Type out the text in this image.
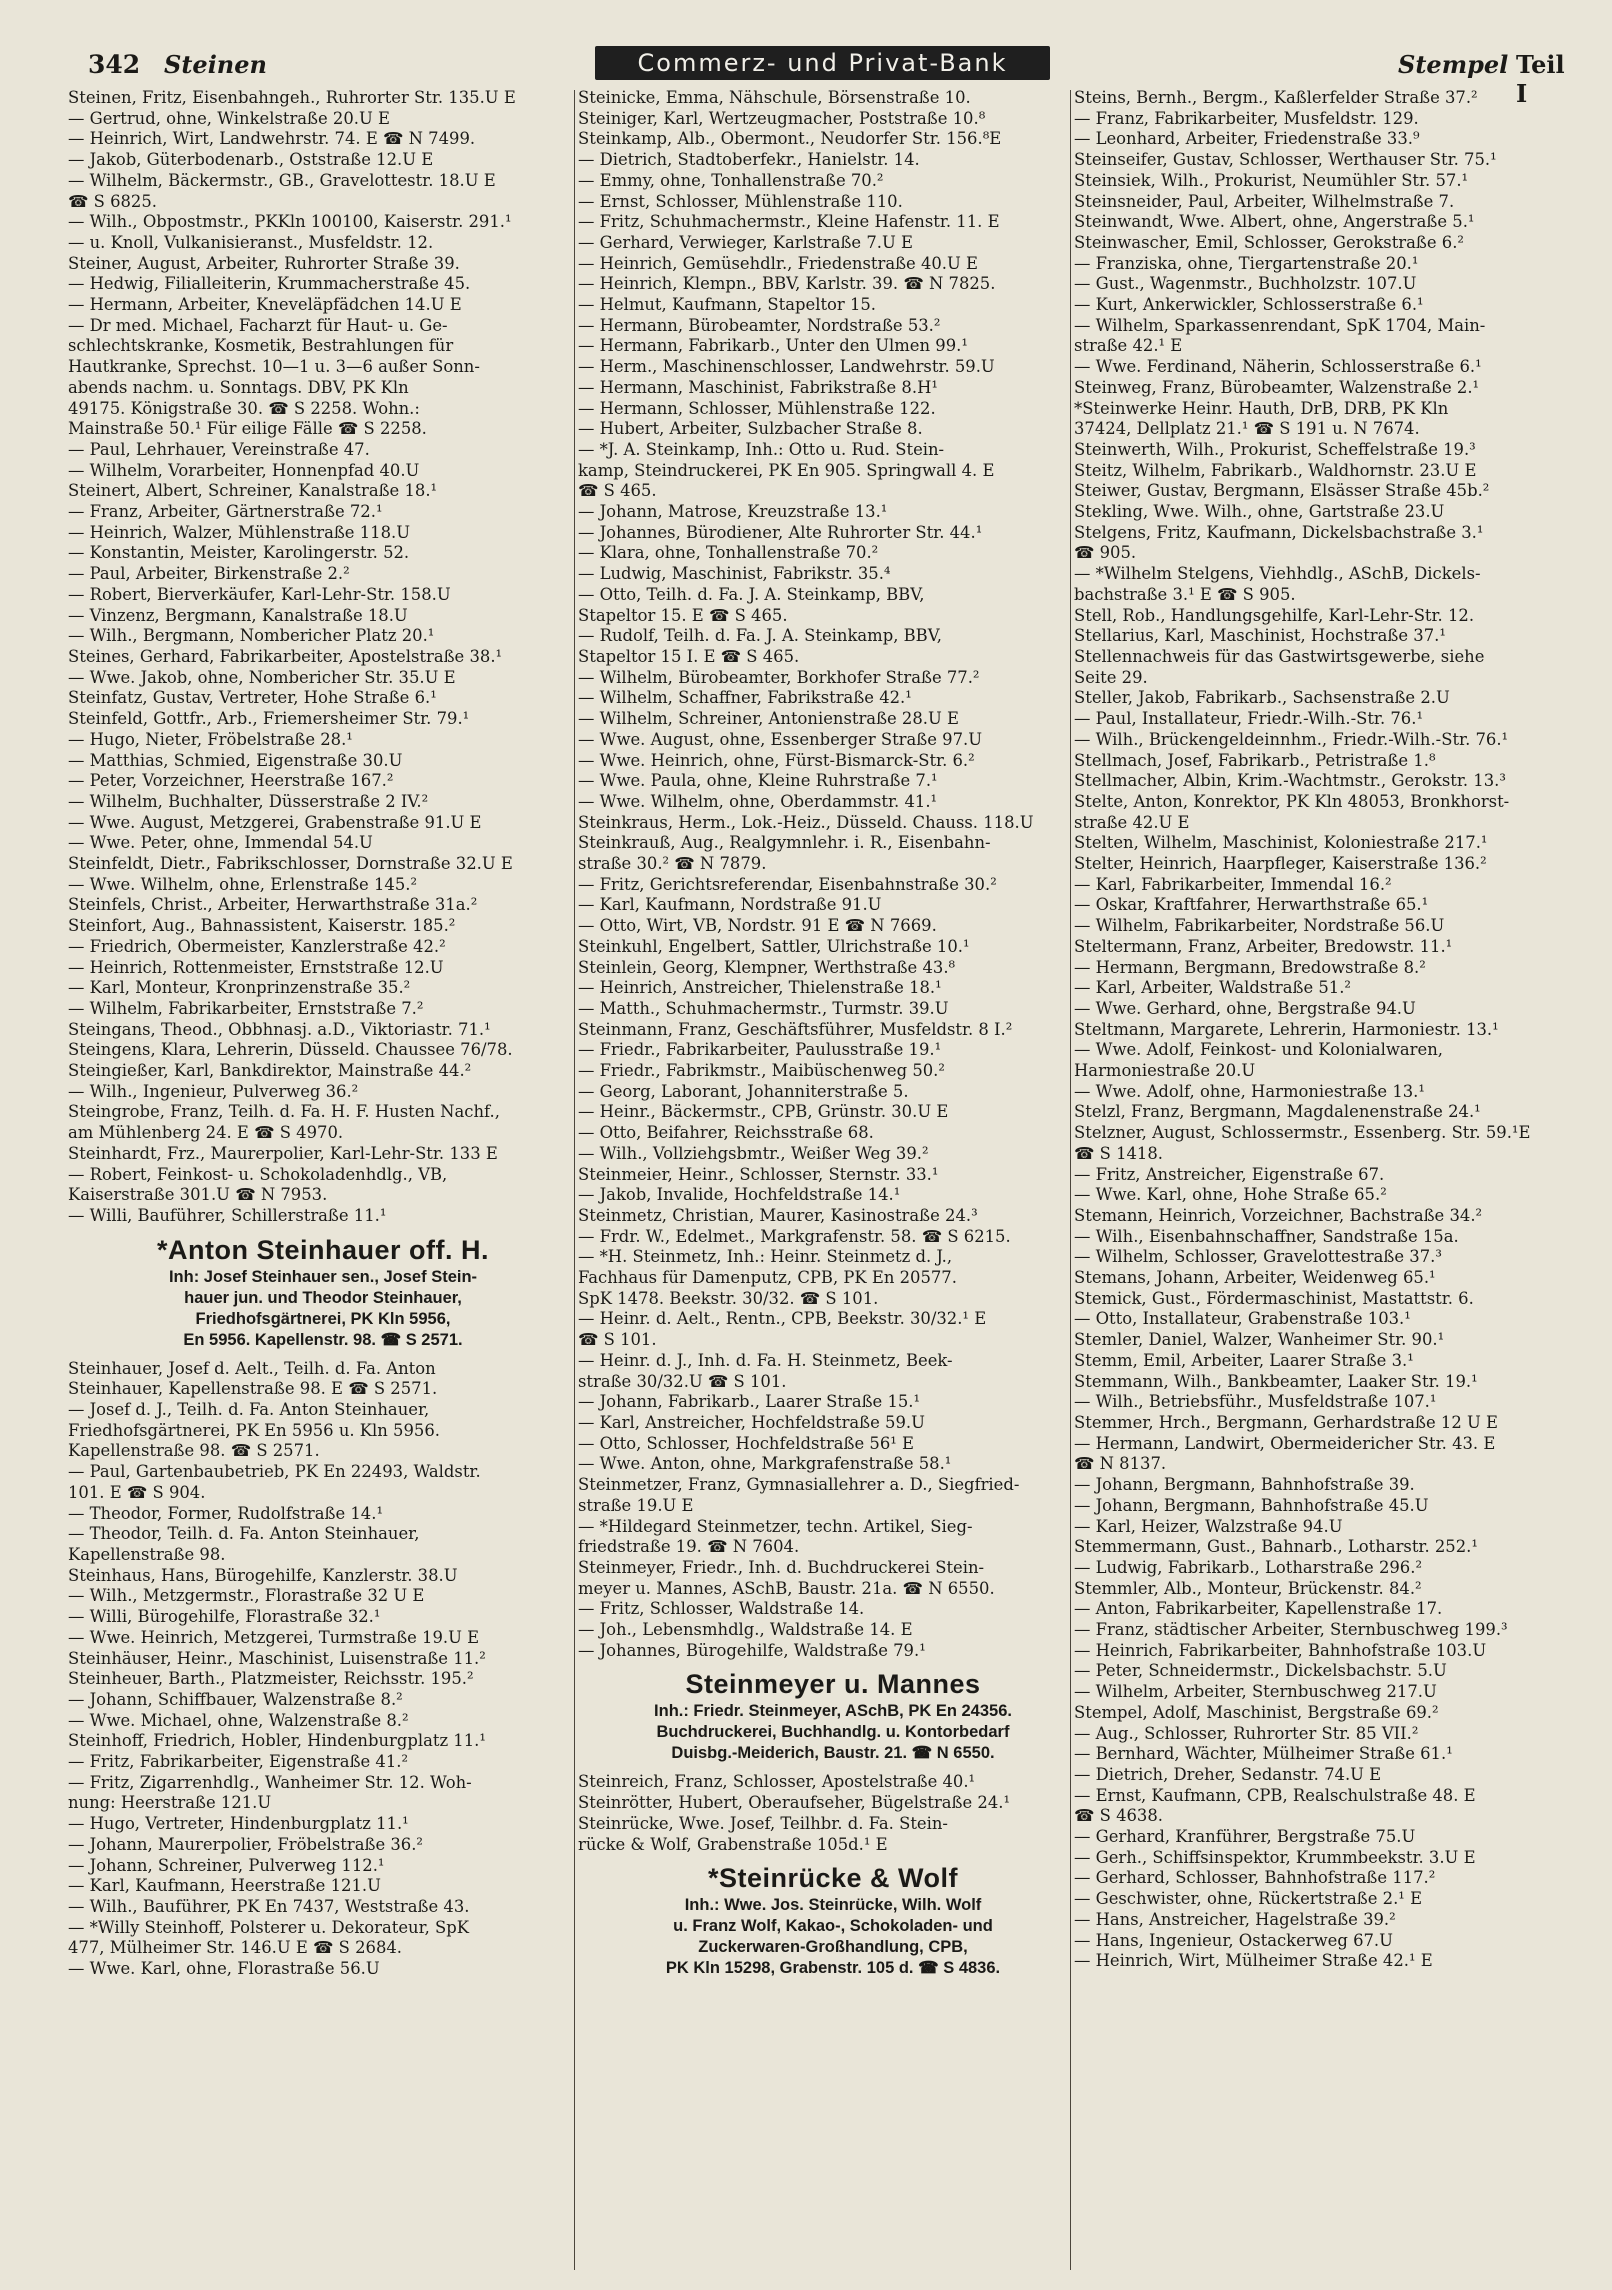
342 Steinen	Commerz- und Privat-Bank	Stempel Teil I
Steinen, Fritz, Eisenbahngeh., Ruhrorter Str. 135.U E
— Gertrud, ohne, Winkelstraße 20.U E
— Heinrich, Wirt, Landwehrstr. 74. E ☎ N 7499.
— Jakob, Güterbodenarb., Oststraße 12.U E
— Wilhelm, Bäckermstr., GB., Gravelottestr. 18.U E
☎ S 6825.
— Wilh., Obpostmstr., PKKln 100100, Kaiserstr. 291.¹
— u. Knoll, Vulkanisieranst., Musfeldstr. 12.
Steiner, August, Arbeiter, Ruhrorter Straße 39.
— Hedwig, Filialleiterin, Krummacherstraße 45.
— Hermann, Arbeiter, Kneveläpfädchen 14.U E
— Dr med. Michael, Facharzt für Haut- u. Ge-
schlechtskranke, Kosmetik, Bestrahlungen für
Hautkranke, Sprechst. 10—1 u. 3—6 außer Sonn-
abends nachm. u. Sonntags. DBV, PK Kln
49175. Königstraße 30. ☎ S 2258. Wohn.:
Mainstraße 50.¹ Für eilige Fälle ☎ S 2258.
— Paul, Lehrhauer, Vereinstraße 47.
— Wilhelm, Vorarbeiter, Honnenpfad 40.U
Steinert, Albert, Schreiner, Kanalstraße 18.¹
— Franz, Arbeiter, Gärtnerstraße 72.¹
— Heinrich, Walzer, Mühlenstraße 118.U
— Konstantin, Meister, Karolingerstr. 52.
— Paul, Arbeiter, Birkenstraße 2.²
— Robert, Bierverkäufer, Karl-Lehr-Str. 158.U
— Vinzenz, Bergmann, Kanalstraße 18.U
— Wilh., Bergmann, Nombericher Platz 20.¹
Steines, Gerhard, Fabrikarbeiter, Apostelstraße 38.¹
— Wwe. Jakob, ohne, Nombericher Str. 35.U E
Steinfatz, Gustav, Vertreter, Hohe Straße 6.¹
Steinfeld, Gottfr., Arb., Friemersheimer Str. 79.¹
— Hugo, Nieter, Fröbelstraße 28.¹
— Matthias, Schmied, Eigenstraße 30.U
— Peter, Vorzeichner, Heerstraße 167.²
— Wilhelm, Buchhalter, Düsserstraße 2 IV.²
— Wwe. August, Metzgerei, Grabenstraße 91.U E
— Wwe. Peter, ohne, Immendal 54.U
Steinfeldt, Dietr., Fabrikschlosser, Dornstraße 32.U E
— Wwe. Wilhelm, ohne, Erlenstraße 145.²
Steinfels, Christ., Arbeiter, Herwarthstraße 31a.²
Steinfort, Aug., Bahnassistent, Kaiserstr. 185.²
— Friedrich, Obermeister, Kanzlerstraße 42.²
— Heinrich, Rottenmeister, Ernststraße 12.U
— Karl, Monteur, Kronprinzenstraße 35.²
— Wilhelm, Fabrikarbeiter, Ernststraße 7.²
Steingans, Theod., Obbhnasj. a.D., Viktoriastr. 71.¹
Steingens, Klara, Lehrerin, Düsseld. Chaussee 76/78.
Steingießer, Karl, Bankdirektor, Mainstraße 44.²
— Wilh., Ingenieur, Pulverweg 36.²
Steingrobe, Franz, Teilh. d. Fa. H. F. Husten Nachf.,
am Mühlenberg 24. E ☎ S 4970.
Steinhardt, Frz., Maurerpolier, Karl-Lehr-Str. 133 E
— Robert, Feinkost- u. Schokoladenhdlg., VB,
Kaiserstraße 301.U ☎ N 7953.
— Willi, Bauführer, Schillerstraße 11.¹
*Anton Steinhauer off. H.
Inh: Josef Steinhauer sen., Josef Stein-
hauer jun. und Theodor Steinhauer,
Friedhofsgärtnerei, PK Kln 5956,
En 5956. Kapellenstr. 98. ☎ S 2571.
Steinhauer, Josef d. Aelt., Teilh. d. Fa. Anton
Steinhauer, Kapellenstraße 98. E ☎ S 2571.
— Josef d. J., Teilh. d. Fa. Anton Steinhauer,
Friedhofsgärtnerei, PK En 5956 u. Kln 5956.
Kapellenstraße 98. ☎ S 2571.
— Paul, Gartenbaubetrieb, PK En 22493, Waldstr.
101. E ☎ S 904.
— Theodor, Former, Rudolfstraße 14.¹
— Theodor, Teilh. d. Fa. Anton Steinhauer,
Kapellenstraße 98.
Steinhaus, Hans, Bürogehilfe, Kanzlerstr. 38.U
— Wilh., Metzgermstr., Florastraße 32 U E
— Willi, Bürogehilfe, Florastraße 32.¹
— Wwe. Heinrich, Metzgerei, Turmstraße 19.U E
Steinhäuser, Heinr., Maschinist, Luisenstraße 11.²
Steinheuer, Barth., Platzmeister, Reichsstr. 195.²
— Johann, Schiffbauer, Walzenstraße 8.²
— Wwe. Michael, ohne, Walzenstraße 8.²
Steinhoff, Friedrich, Hobler, Hindenburgplatz 11.¹
— Fritz, Fabrikarbeiter, Eigenstraße 41.²
— Fritz, Zigarrenhdlg., Wanheimer Str. 12. Woh-
nung: Heerstraße 121.U
— Hugo, Vertreter, Hindenburgplatz 11.¹
— Johann, Maurerpolier, Fröbelstraße 36.²
— Johann, Schreiner, Pulverweg 112.¹
— Karl, Kaufmann, Heerstraße 121.U
— Wilh., Bauführer, PK En 7437, Weststraße 43.
— *Willy Steinhoff, Polsterer u. Dekorateur, SpK
477, Mülheimer Str. 146.U E ☎ S 2684.
— Wwe. Karl, ohne, Florastraße 56.U
Steinicke, Emma, Nähschule, Börsenstraße 10.
Steiniger, Karl, Wertzeugmacher, Poststraße 10.⁸
Steinkamp, Alb., Obermont., Neudorfer Str. 156.⁸E
— Dietrich, Stadtoberfekr., Hanielstr. 14.
— Emmy, ohne, Tonhallenstraße 70.²
— Ernst, Schlosser, Mühlenstraße 110.
— Fritz, Schuhmachermstr., Kleine Hafenstr. 11. E
— Gerhard, Verwieger, Karlstraße 7.U E
— Heinrich, Gemüsehdlr., Friedenstraße 40.U E
— Heinrich, Klempn., BBV, Karlstr. 39. ☎ N 7825.
— Helmut, Kaufmann, Stapeltor 15.
— Hermann, Bürobeamter, Nordstraße 53.²
— Hermann, Fabrikarb., Unter den Ulmen 99.¹
— Herm., Maschinenschlosser, Landwehrstr. 59.U
— Hermann, Maschinist, Fabrikstraße 8.H¹
— Hermann, Schlosser, Mühlenstraße 122.
— Hubert, Arbeiter, Sulzbacher Straße 8.
— *J. A. Steinkamp, Inh.: Otto u. Rud. Stein-
kamp, Steindruckerei, PK En 905. Springwall 4. E
☎ S 465.
— Johann, Matrose, Kreuzstraße 13.¹
— Johannes, Bürodiener, Alte Ruhrorter Str. 44.¹
— Klara, ohne, Tonhallenstraße 70.²
— Ludwig, Maschinist, Fabrikstr. 35.⁴
— Otto, Teilh. d. Fa. J. A. Steinkamp, BBV,
Stapeltor 15. E ☎ S 465.
— Rudolf, Teilh. d. Fa. J. A. Steinkamp, BBV,
Stapeltor 15 I. E ☎ S 465.
— Wilhelm, Bürobeamter, Borkhofer Straße 77.²
— Wilhelm, Schaffner, Fabrikstraße 42.¹
— Wilhelm, Schreiner, Antonienstraße 28.U E
— Wwe. August, ohne, Essenberger Straße 97.U
— Wwe. Heinrich, ohne, Fürst-Bismarck-Str. 6.²
— Wwe. Paula, ohne, Kleine Ruhrstraße 7.¹
— Wwe. Wilhelm, ohne, Oberdammstr. 41.¹
Steinkraus, Herm., Lok.-Heiz., Düsseld. Chauss. 118.U
Steinkrauß, Aug., Realgymnlehr. i. R., Eisenbahn-
straße 30.² ☎ N 7879.
— Fritz, Gerichtsreferendar, Eisenbahnstraße 30.²
— Karl, Kaufmann, Nordstraße 91.U
— Otto, Wirt, VB, Nordstr. 91 E ☎ N 7669.
Steinkuhl, Engelbert, Sattler, Ulrichstraße 10.¹
Steinlein, Georg, Klempner, Werthstraße 43.⁸
— Heinrich, Anstreicher, Thielenstraße 18.¹
— Matth., Schuhmachermstr., Turmstr. 39.U
Steinmann, Franz, Geschäftsführer, Musfeldstr. 8 I.²
— Friedr., Fabrikarbeiter, Paulusstraße 19.¹
— Friedr., Fabrikmstr., Maibüschenweg 50.²
— Georg, Laborant, Johanniterstraße 5.
— Heinr., Bäckermstr., CPB, Grünstr. 30.U E
— Otto, Beifahrer, Reichsstraße 68.
— Wilh., Vollziehgsbmtr., Weißer Weg 39.²
Steinmeier, Heinr., Schlosser, Sternstr. 33.¹
— Jakob, Invalide, Hochfeldstraße 14.¹
Steinmetz, Christian, Maurer, Kasinostraße 24.³
— Frdr. W., Edelmet., Markgrafenstr. 58. ☎ S 6215.
— *H. Steinmetz, Inh.: Heinr. Steinmetz d. J.,
Fachhaus für Damenputz, CPB, PK En 20577.
SpK 1478. Beekstr. 30/32. ☎ S 101.
— Heinr. d. Aelt., Rentn., CPB, Beekstr. 30/32.¹ E
☎ S 101.
— Heinr. d. J., Inh. d. Fa. H. Steinmetz, Beek-
straße 30/32.U ☎ S 101.
— Johann, Fabrikarb., Laarer Straße 15.¹
— Karl, Anstreicher, Hochfeldstraße 59.U
— Otto, Schlosser, Hochfeldstraße 56¹ E
— Wwe. Anton, ohne, Markgrafenstraße 58.¹
Steinmetzer, Franz, Gymnasiallehrer a. D., Siegfried-
straße 19.U E
— *Hildegard Steinmetzer, techn. Artikel, Sieg-
friedstraße 19. ☎ N 7604.
Steinmeyer, Friedr., Inh. d. Buchdruckerei Stein-
meyer u. Mannes, ASchB, Baustr. 21a. ☎ N 6550.
— Fritz, Schlosser, Waldstraße 14.
— Joh., Lebensmhdlg., Waldstraße 14. E
— Johannes, Bürogehilfe, Waldstraße 79.¹
Steinmeyer u. Mannes
Inh.: Friedr. Steinmeyer, ASchB, PK En 24356.
Buchdruckerei, Buchhandlg. u. Kontorbedarf
Duisbg.-Meiderich, Baustr. 21. ☎ N 6550.
Steinreich, Franz, Schlosser, Apostelstraße 40.¹
Steinrötter, Hubert, Oberaufseher, Bügelstraße 24.¹
Steinrücke, Wwe. Josef, Teilhbr. d. Fa. Stein-
rücke & Wolf, Grabenstraße 105d.¹ E
*Steinrücke & Wolf
Inh.: Wwe. Jos. Steinrücke, Wilh. Wolf
u. Franz Wolf, Kakao-, Schokoladen- und
Zuckerwaren-Großhandlung, CPB,
PK Kln 15298, Grabenstr. 105 d. ☎ S 4836.
Steins, Bernh., Bergm., Kaßlerfelder Straße 37.²
— Franz, Fabrikarbeiter, Musfeldstr. 129.
— Leonhard, Arbeiter, Friedenstraße 33.⁹
Steinseifer, Gustav, Schlosser, Werthauser Str. 75.¹
Steinsiek, Wilh., Prokurist, Neumühler Str. 57.¹
Steinsneider, Paul, Arbeiter, Wilhelmstraße 7.
Steinwandt, Wwe. Albert, ohne, Angerstraße 5.¹
Steinwascher, Emil, Schlosser, Gerokstraße 6.²
— Franziska, ohne, Tiergartenstraße 20.¹
— Gust., Wagenmstr., Buchholzstr. 107.U
— Kurt, Ankerwickler, Schlosserstraße 6.¹
— Wilhelm, Sparkassenrendant, SpK 1704, Main-
straße 42.¹ E
— Wwe. Ferdinand, Näherin, Schlosserstraße 6.¹
Steinweg, Franz, Bürobeamter, Walzenstraße 2.¹
*Steinwerke Heinr. Hauth, DrB, DRB, PK Kln
37424, Dellplatz 21.¹ ☎ S 191 u. N 7674.
Steinwerth, Wilh., Prokurist, Scheffelstraße 19.³
Steitz, Wilhelm, Fabrikarb., Waldhornstr. 23.U E
Steiwer, Gustav, Bergmann, Elsässer Straße 45b.²
Stekling, Wwe. Wilh., ohne, Gartstraße 23.U
Stelgens, Fritz, Kaufmann, Dickelsbachstraße 3.¹
☎ 905.
— *Wilhelm Stelgens, Viehhdlg., ASchB, Dickels-
bachstraße 3.¹ E ☎ S 905.
Stell, Rob., Handlungsgehilfe, Karl-Lehr-Str. 12.
Stellarius, Karl, Maschinist, Hochstraße 37.¹
Stellennachweis für das Gastwirtsgewerbe, siehe
Seite 29.
Steller, Jakob, Fabrikarb., Sachsenstraße 2.U
— Paul, Installateur, Friedr.-Wilh.-Str. 76.¹
— Wilh., Brückengeldeinnhm., Friedr.-Wilh.-Str. 76.¹
Stellmach, Josef, Fabrikarb., Petristraße 1.⁸
Stellmacher, Albin, Krim.-Wachtmstr., Gerokstr. 13.³
Stelte, Anton, Konrektor, PK Kln 48053, Bronkhorst-
straße 42.U E
Stelten, Wilhelm, Maschinist, Koloniestraße 217.¹
Stelter, Heinrich, Haarpfleger, Kaiserstraße 136.²
— Karl, Fabrikarbeiter, Immendal 16.²
— Oskar, Kraftfahrer, Herwarthstraße 65.¹
— Wilhelm, Fabrikarbeiter, Nordstraße 56.U
Steltermann, Franz, Arbeiter, Bredowstr. 11.¹
— Hermann, Bergmann, Bredowstraße 8.²
— Karl, Arbeiter, Waldstraße 51.²
— Wwe. Gerhard, ohne, Bergstraße 94.U
Steltmann, Margarete, Lehrerin, Harmoniestr. 13.¹
— Wwe. Adolf, Feinkost- und Kolonialwaren,
Harmoniestraße 20.U
— Wwe. Adolf, ohne, Harmoniestraße 13.¹
Stelzl, Franz, Bergmann, Magdalenenstraße 24.¹
Stelzner, August, Schlossermstr., Essenberg. Str. 59.¹E
☎ S 1418.
— Fritz, Anstreicher, Eigenstraße 67.
— Wwe. Karl, ohne, Hohe Straße 65.²
Stemann, Heinrich, Vorzeichner, Bachstraße 34.²
— Wilh., Eisenbahnschaffner, Sandstraße 15a.
— Wilhelm, Schlosser, Gravelottestraße 37.³
Stemans, Johann, Arbeiter, Weidenweg 65.¹
Stemick, Gust., Fördermaschinist, Mastattstr. 6.
— Otto, Installateur, Grabenstraße 103.¹
Stemler, Daniel, Walzer, Wanheimer Str. 90.¹
Stemm, Emil, Arbeiter, Laarer Straße 3.¹
Stemmann, Wilh., Bankbeamter, Laaker Str. 19.¹
— Wilh., Betriebsführ., Musfeldstraße 107.¹
Stemmer, Hrch., Bergmann, Gerhardstraße 12 U E
— Hermann, Landwirt, Obermeidericher Str. 43. E
☎ N 8137.
— Johann, Bergmann, Bahnhofstraße 39.
— Johann, Bergmann, Bahnhofstraße 45.U
— Karl, Heizer, Walzstraße 94.U
Stemmermann, Gust., Bahnarb., Lotharstr. 252.¹
— Ludwig, Fabrikarb., Lotharstraße 296.²
Stemmler, Alb., Monteur, Brückenstr. 84.²
— Anton, Fabrikarbeiter, Kapellenstraße 17.
— Franz, städtischer Arbeiter, Sternbuschweg 199.³
— Heinrich, Fabrikarbeiter, Bahnhofstraße 103.U
— Peter, Schneidermstr., Dickelsbachstr. 5.U
— Wilhelm, Arbeiter, Sternbuschweg 217.U
Stempel, Adolf, Maschinist, Bergstraße 69.²
— Aug., Schlosser, Ruhrorter Str. 85 VII.²
— Bernhard, Wächter, Mülheimer Straße 61.¹
— Dietrich, Dreher, Sedanstr. 74.U E
— Ernst, Kaufmann, CPB, Realschulstraße 48. E
☎ S 4638.
— Gerhard, Kranführer, Bergstraße 75.U
— Gerh., Schiffsinspektor, Krummbeekstr. 3.U E
— Gerhard, Schlosser, Bahnhofstraße 117.²
— Geschwister, ohne, Rückertstraße 2.¹ E
— Hans, Anstreicher, Hagelstraße 39.²
— Hans, Ingenieur, Ostackerweg 67.U
— Heinrich, Wirt, Mülheimer Straße 42.¹ E
